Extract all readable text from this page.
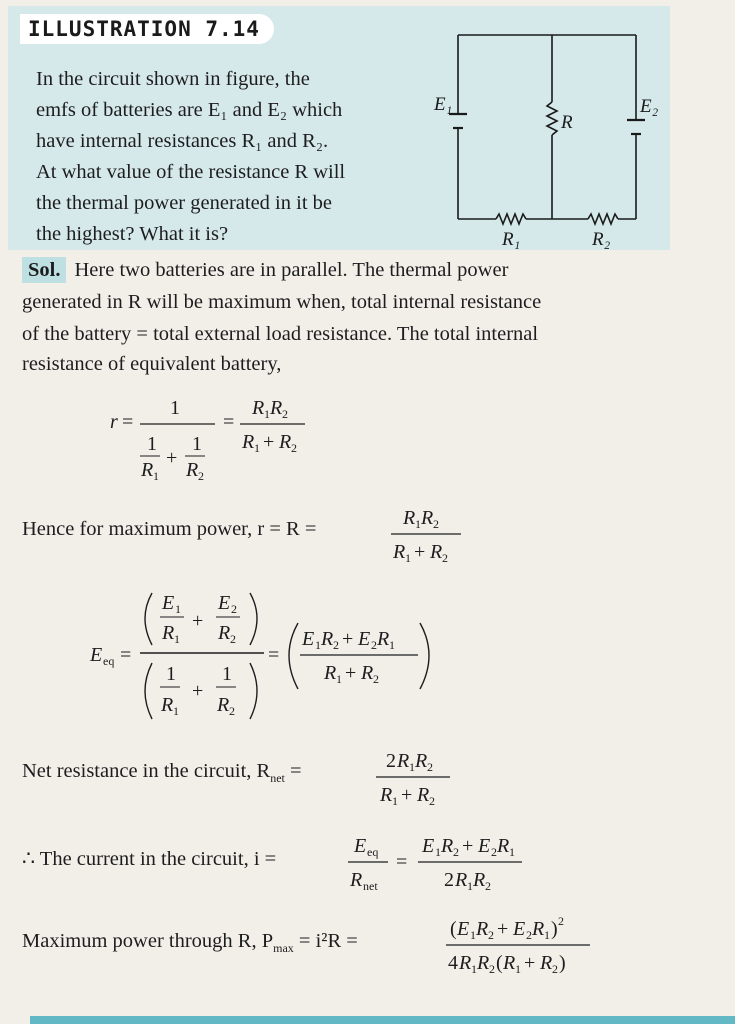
ILLUSTRATION 7.14

In the circuit shown in figure, the

emfs of batteries are E₁ and E₂ which

have internal resistances R₁ and R₂.

At what value of the resistance R will

the thermal power generated in it be

the highest? What it is?

E₁	E₂
R
R₁	R₂
Sol. Here two batteries are in parallel. The thermal power
generated in R will be maximum when, total internal resistance
of the battery = total external load resistance. The total internal
resistance of equivalent battery,
r =
1
1
R 1
+
1
R 2
=
R 1 R 2
R 1 + R 2
Hence for maximum power, r = R =	R 1 R 2
R 1 + R 2
E eq =
E 1
R 1
+
E 2
R 2
1
R 1
+
1
R 2
=
E 1 R 2 + E 2 R 1
R 1 + R 2
Net resistance in the circuit, $R_{net}$ =	2 R 1 R 2
R 1 + R 2
∴ The current in the circuit, i =
E eq
R net
=
E 1 R 2 + E 2 R 1
2 R 1 R 2
Maximum power through R, $P_{max} = i^2R$ =
( E 1 R 2 + E 2 R 1 ) 2
4 R 1 R 2 ( R 1 + R 2 )
